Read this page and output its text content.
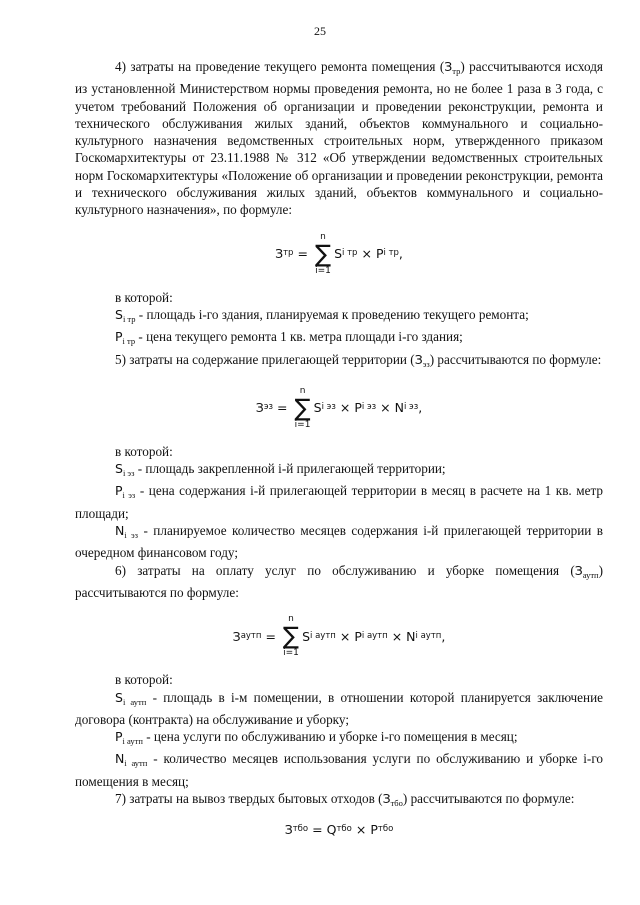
25

4) затраты на проведение текущего ремонта помещения $(З_{тр})$ рассчитываются исходя из установленной Министерством нормы проведения ремонта, но не более 1 раза в 3 года, с учетом требований Положения об организации и проведении реконструкции, ремонта и технического обслуживания жилых зданий, объектов коммунального и социально-культурного назначения ведомственных строительных норм, утвержденного приказом Госкомархитектуры от 23.11.1988 № 312 «Об утверждении ведомственных строительных норм Госкомархитектуры «Положение об организации и проведении реконструкции, ремонта и технического обслуживания жилых зданий, объектов коммунального и социально-культурного назначения», по формуле:

З тр =
n
∑
i=1
S i тр × P i тр ,

в которой:

$S_{i тр}$ - площадь i-го здания, планируемая к проведению текущего ремонта;

$P_{i тр}$ - цена текущего ремонта 1 кв. метра площади i-го здания;

5) затраты на содержание прилегающей территории $(З_{эз})$ рассчитываются по формуле:

З эз =
n
∑
i=1
S i эз × P i эз × N i эз ,

в которой:

$S_{i эз}$ - площадь закрепленной i-й прилегающей территории;

$P_{i эз}$ - цена содержания i-й прилегающей территории в месяц в расчете на 1 кв. метр площади;

$N_{i эз}$ - планируемое количество месяцев содержания i-й прилегающей территории в очередном финансовом году;

6) затраты на оплату услуг по обслуживанию и уборке помещения $(З_{аутп})$ рассчитываются по формуле:

З аутп =
n
∑
i=1
S i аутп × P i аутп × N i аутп ,

в которой:

$S_{i аутп}$ - площадь в i-м помещении, в отношении которой планируется заключение договора (контракта) на обслуживание и уборку;

$P_{i аутп}$ - цена услуги по обслуживанию и уборке i-го помещения в месяц;

$N_{i аутп}$ - количество месяцев использования услуги по обслуживанию и уборке i-го помещения в месяц;

7) затраты на вывоз твердых бытовых отходов $(З_{тбо})$ рассчитываются по формуле:

З тбо = Q тбо × P тбо
